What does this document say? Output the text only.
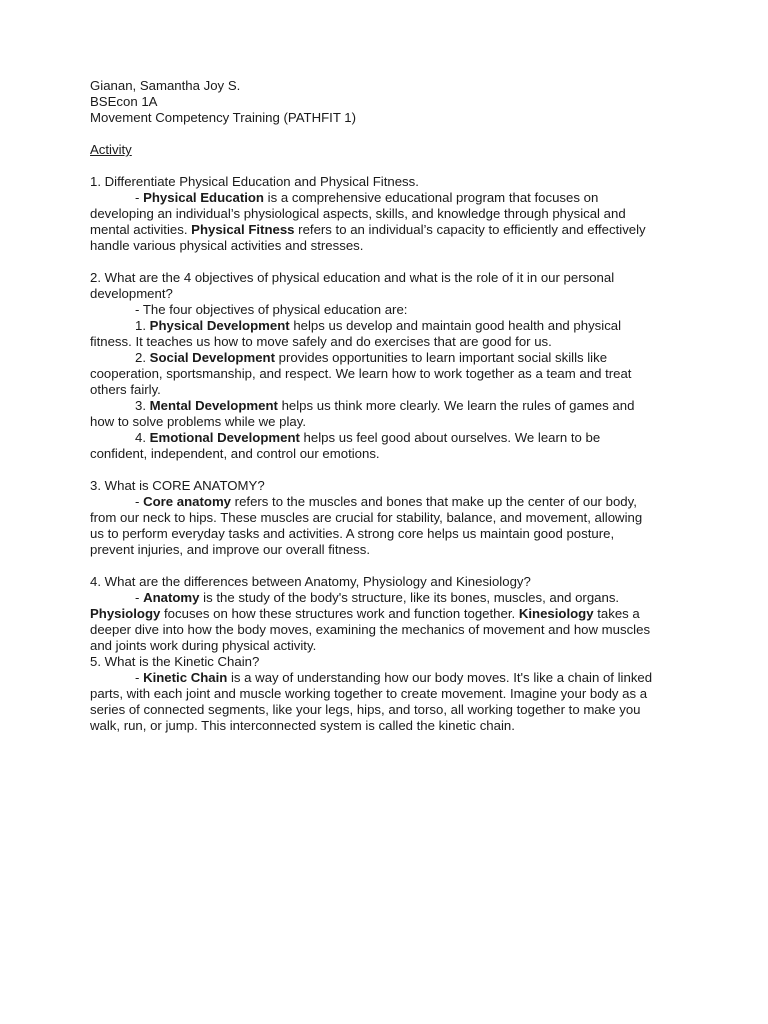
Gianan, Samantha Joy S.
BSEcon 1A
Movement Competency Training (PATHFIT 1)
Activity
1. Differentiate Physical Education and Physical Fitness.
- Physical Education is a comprehensive educational program that focuses on
developing an individual’s physiological aspects, skills, and knowledge through physical and
mental activities. Physical Fitness refers to an individual’s capacity to efficiently and effectively
handle various physical activities and stresses.
2. What are the 4 objectives of physical education and what is the role of it in our personal
development?
- The four objectives of physical education are:
1. Physical Development helps us develop and maintain good health and physical
fitness. It teaches us how to move safely and do exercises that are good for us.
2. Social Development provides opportunities to learn important social skills like
cooperation, sportsmanship, and respect. We learn how to work together as a team and treat
others fairly.
3. Mental Development helps us think more clearly. We learn the rules of games and
how to solve problems while we play.
4. Emotional Development helps us feel good about ourselves. We learn to be
confident, independent, and control our emotions.
3. What is CORE ANATOMY?
- Core anatomy refers to the muscles and bones that make up the center of our body,
from our neck to hips. These muscles are crucial for stability, balance, and movement, allowing
us to perform everyday tasks and activities. A strong core helps us maintain good posture,
prevent injuries, and improve our overall fitness.
4. What are the differences between Anatomy, Physiology and Kinesiology?
- Anatomy is the study of the body's structure, like its bones, muscles, and organs.
Physiology focuses on how these structures work and function together. Kinesiology takes a
deeper dive into how the body moves, examining the mechanics of movement and how muscles
and joints work during physical activity.
5. What is the Kinetic Chain?
- Kinetic Chain is a way of understanding how our body moves. It's like a chain of linked
parts, with each joint and muscle working together to create movement. Imagine your body as a
series of connected segments, like your legs, hips, and torso, all working together to make you
walk, run, or jump. This interconnected system is called the kinetic chain.
